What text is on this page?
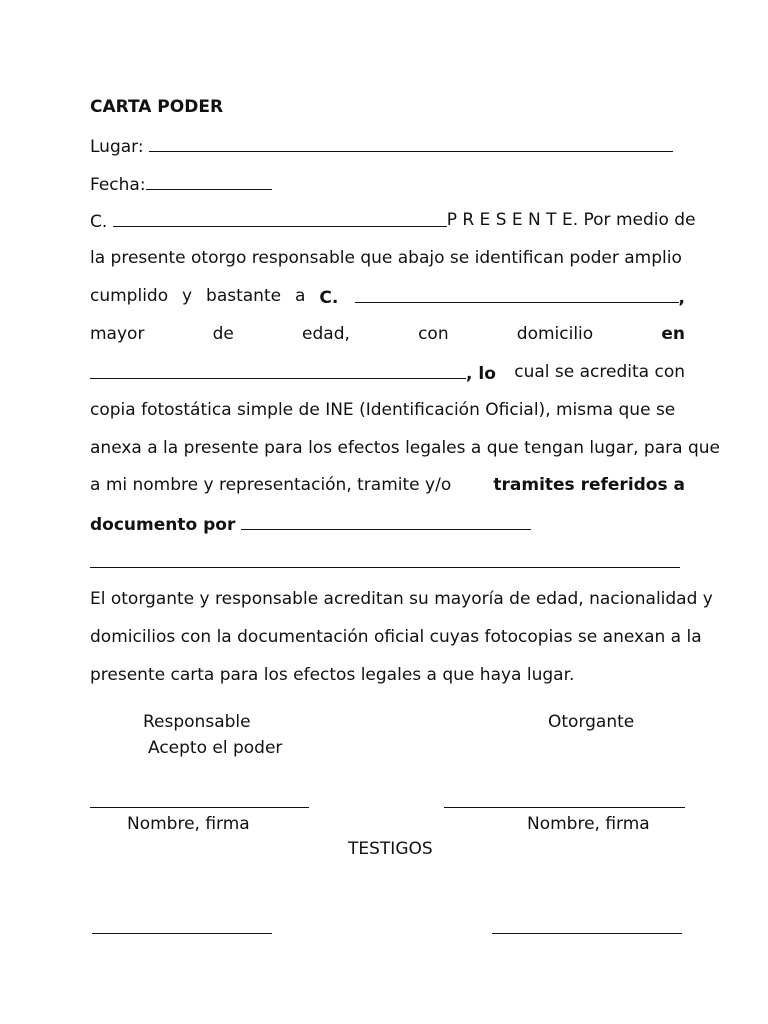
CARTA PODER
Lugar:
Fecha:
C.	P R E S E N T E. Por medio de
la presente otorgo responsable que abajo se identifican poder amplio
cumplido y bastante a C.	,
mayor	de	edad,	con	domicilio	en
, lo cual se acredita con
copia fotostática simple de INE (Identificación Oficial), misma que se
anexa a la presente para los efectos legales a que tengan lugar, para que
a mi nombre y representación, tramite y/o tramites referidos a
documento por
El otorgante y responsable acreditan su mayoría de edad, nacionalidad y
domicilios con la documentación oficial cuyas fotocopias se anexan a la
presente carta para los efectos legales a que haya lugar.
Responsable
Acepto el poder
Otorgante
Nombre, firma	Nombre, firma
TESTIGOS
